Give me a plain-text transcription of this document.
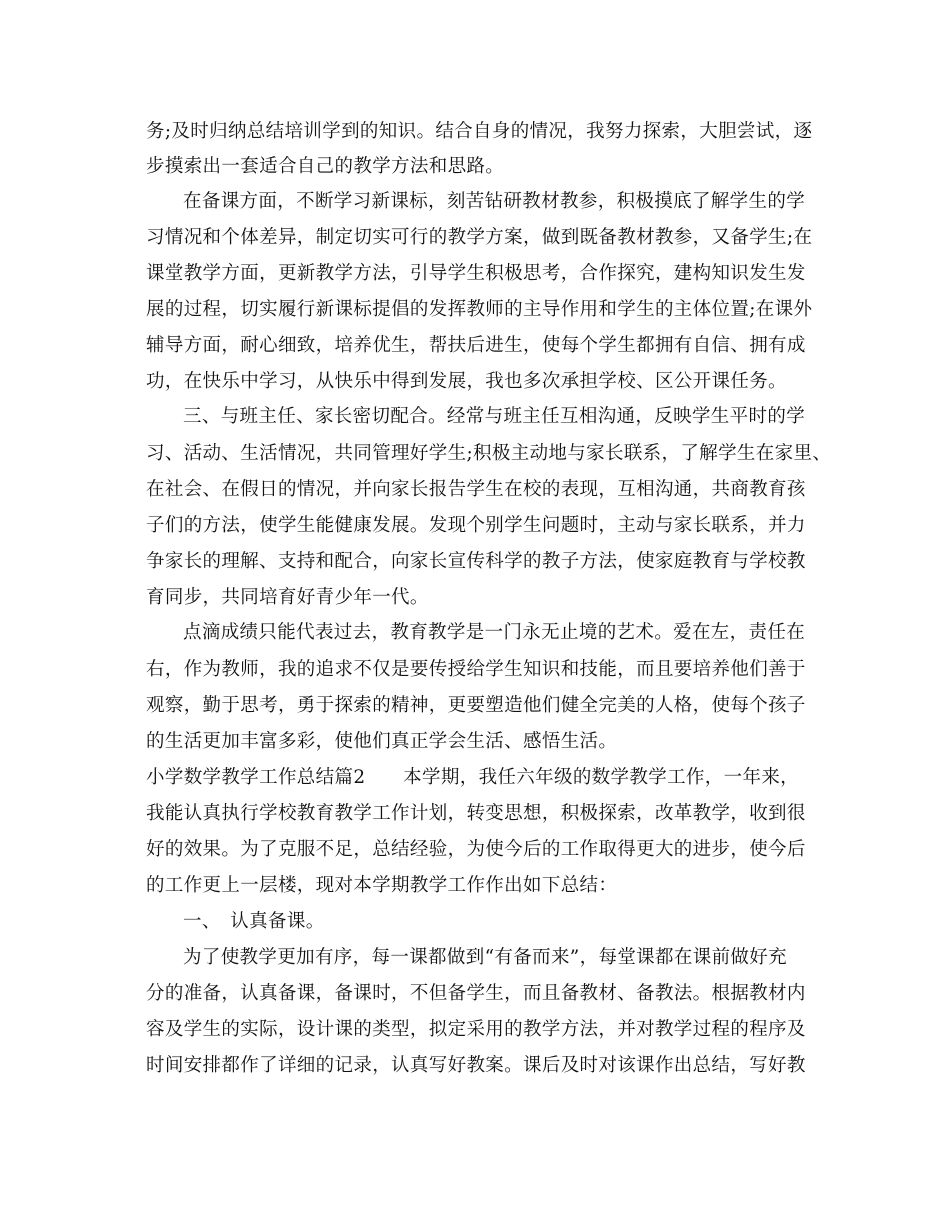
务;及时归纳总结培训学到的知识。结合自身的情况，我努力探索，大胆尝试，逐
步摸索出一套适合自己的教学方法和思路。
在备课方面，不断学习新课标，刻苦钻研教材教参，积极摸底了解学生的学
习情况和个体差异，制定切实可行的教学方案，做到既备教材教参，又备学生;在
课堂教学方面，更新教学方法，引导学生积极思考，合作探究，建构知识发生发
展的过程，切实履行新课标提倡的发挥教师的主导作用和学生的主体位置;在课外
辅导方面，耐心细致，培养优生，帮扶后进生，使每个学生都拥有自信、拥有成
功，在快乐中学习，从快乐中得到发展，我也多次承担学校、区公开课任务。
三、与班主任、家长密切配合。经常与班主任互相沟通，反映学生平时的学
习、活动、生活情况，共同管理好学生;积极主动地与家长联系，了解学生在家里、
在社会、在假日的情况，并向家长报告学生在校的表现，互相沟通，共商教育孩
子们的方法，使学生能健康发展。发现个别学生问题时，主动与家长联系，并力
争家长的理解、支持和配合，向家长宣传科学的教子方法，使家庭教育与学校教
育同步，共同培育好青少年一代。
点滴成绩只能代表过去，教育教学是一门永无止境的艺术。爱在左，责任在
右，作为教师，我的追求不仅是要传授给学生知识和技能，而且要培养他们善于
观察，勤于思考，勇于探索的精神，更要塑造他们健全完美的人格，使每个孩子
的生活更加丰富多彩，使他们真正学会生活、感悟生活。
小学数学教学工作总结篇2　　本学期，我任六年级的数学教学工作，一年来，
我能认真执行学校教育教学工作计划，转变思想，积极探索，改革教学，收到很
好的效果。为了克服不足，总结经验，为使今后的工作取得更大的进步，使今后
的工作更上一层楼，现对本学期教学工作作出如下总结：
一、　认真备课。
为了使教学更加有序，每一课都做到“有备而来”，每堂课都在课前做好充
分的准备，认真备课，备课时，不但备学生，而且备教材、备教法。根据教材内
容及学生的实际，设计课的类型，拟定采用的教学方法，并对教学过程的程序及
时间安排都作了详细的记录，认真写好教案。课后及时对该课作出总结，写好教
